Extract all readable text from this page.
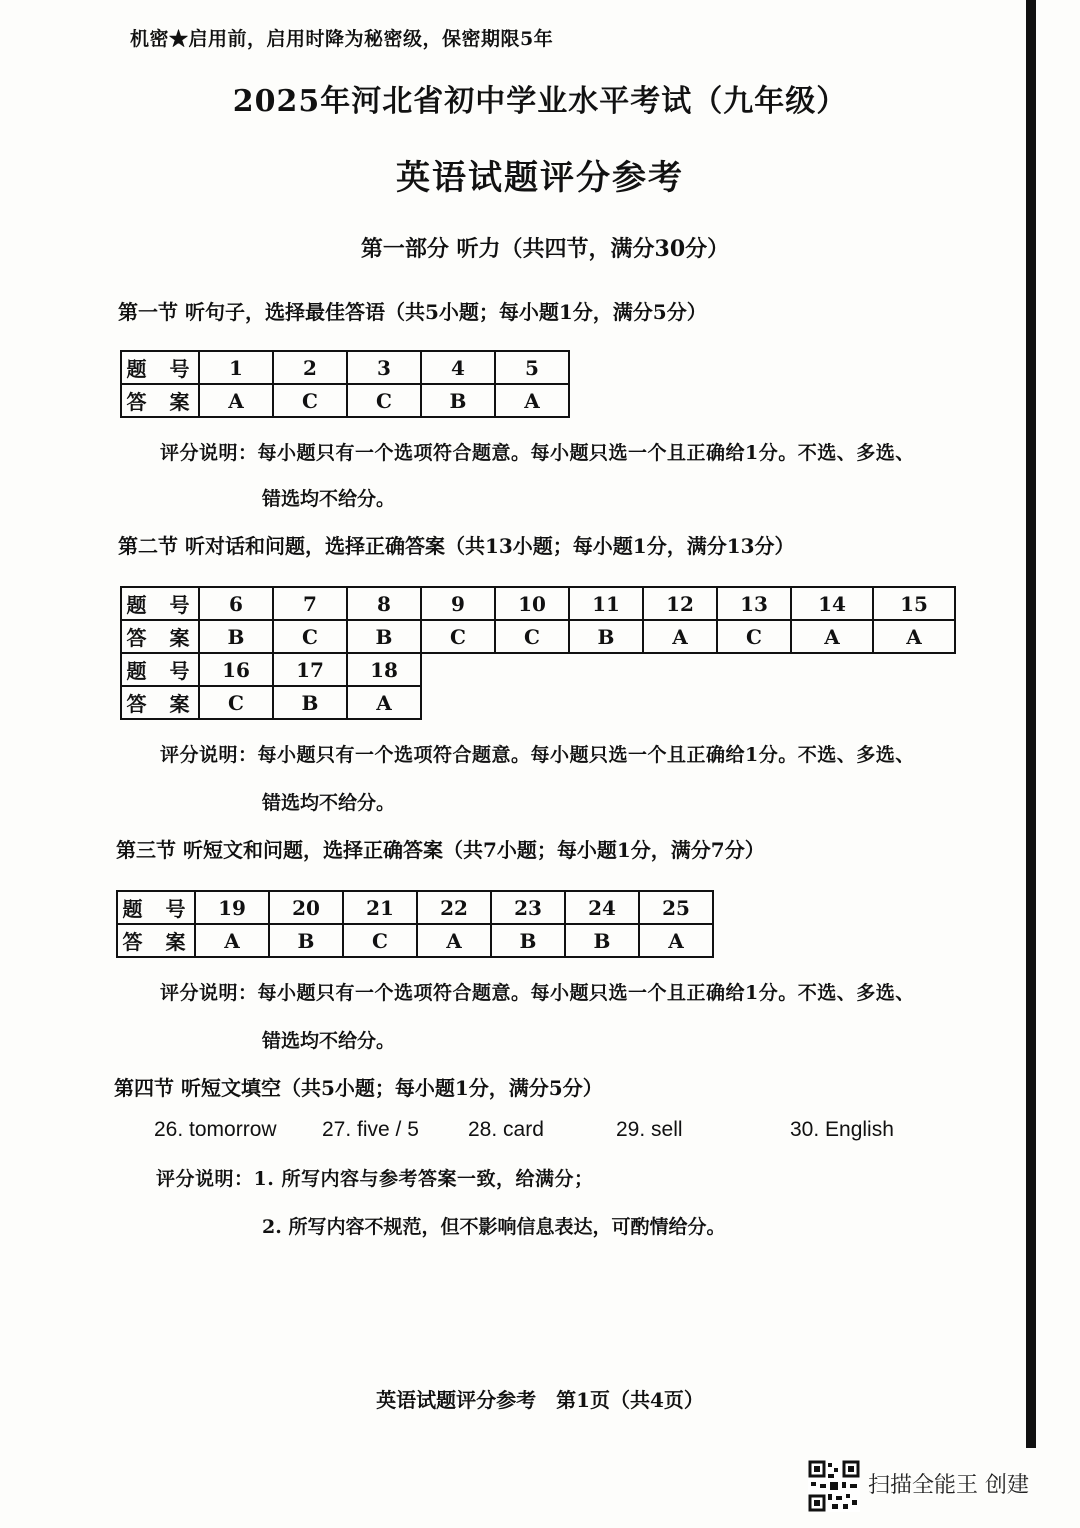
机密★启用前，启用时降为秘密级，保密期限5年
2025年河北省初中学业水平考试（九年级）
英语试题评分参考
第一部分 听力（共四节，满分30分）
第一节 听句子，选择最佳答语（共5小题；每小题1分，满分5分）
题 号	1	2	3	4	5
答 案	A	C	C	B	A
评分说明：每小题只有一个选项符合题意。每小题只选一个且正确给1分。不选、多选、
错选均不给分。
第二节 听对话和问题，选择正确答案（共13小题；每小题1分，满分13分）
题 号	6	7	8	9	10	11	12	13	14	15
答 案	B	C	B	C	C	B	A	C	A	A
题 号	16	17	18							
答 案	C	B	A							
评分说明：每小题只有一个选项符合题意。每小题只选一个且正确给1分。不选、多选、
错选均不给分。
第三节 听短文和问题，选择正确答案（共7小题；每小题1分，满分7分）
题 号	19	20	21	22	23	24	25
答 案	A	B	C	A	B	B	A
评分说明：每小题只有一个选项符合题意。每小题只选一个且正确给1分。不选、多选、
错选均不给分。
第四节 听短文填空（共5小题；每小题1分，满分5分）
26. tomorrow 27. five / 5 28. card	29. sell	30. English
评分说明：1. 所写内容与参考答案一致，给满分；
2. 所写内容不规范，但不影响信息表达，可酌情给分。
英语试题评分参考　第1页（共4页）
扫描全能王 创建
